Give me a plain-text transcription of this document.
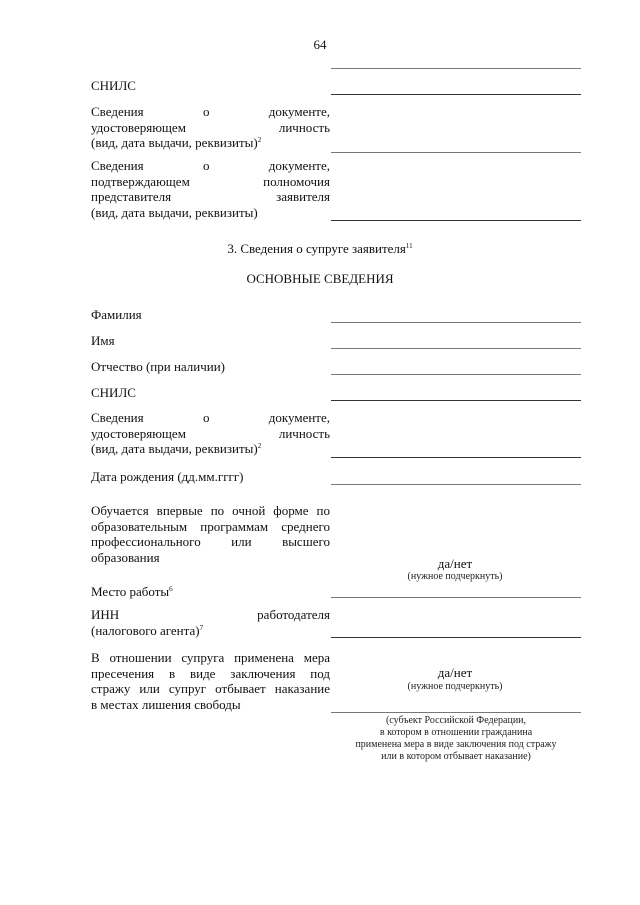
64
СНИЛС
Сведения о документе,
удостоверяющем личность
(вид, дата выдачи, реквизиты)$^2$
Сведения о документе,
подтверждающем полномочия
представителя заявителя
(вид, дата выдачи, реквизиты)
3. Сведения о супруге заявителя$^{11}$
ОСНОВНЫЕ СВЕДЕНИЯ
Фамилия
Имя
Отчество (при наличии)
СНИЛС
Сведения о документе,
удостоверяющем личность
(вид, дата выдачи, реквизиты)$^2$
Дата рождения (дд.мм.гггг)
Обучается впервые по очной форме по
образовательным программам среднего
профессионального или высшего
образования	да/нет
(нужное подчеркнуть)
Место работы$^6$
ИНН работодателя
(налогового агента)$^7$
В отношении супруга применена мера
пресечения в виде заключения под
стражу или супруг отбывает наказание
в местах лишения свободы
да/нет
(нужное подчеркнуть)
(субъект Российской Федерации,
в котором в отношении гражданина
применена мера в виде заключения под стражу
или в котором отбывает наказание)
